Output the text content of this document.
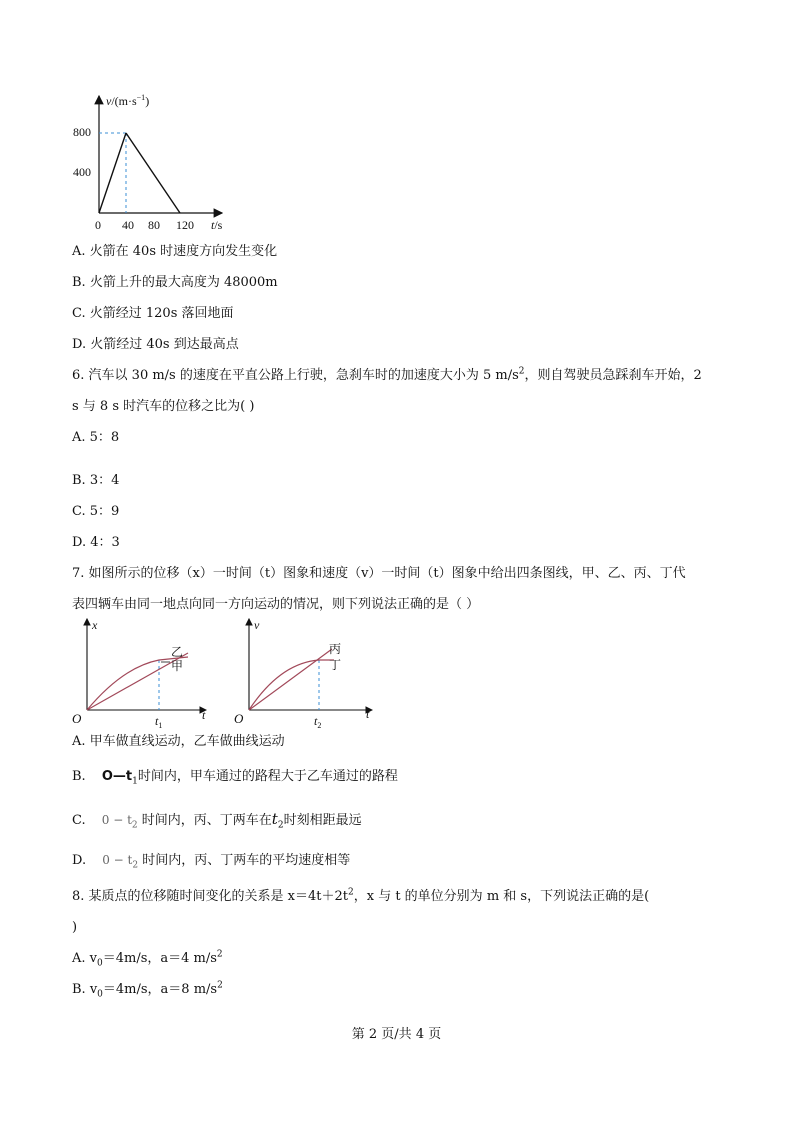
$v/(m\cdot s^{-1})$
800
400
0 40 80 120 t/s
A. 火箭在 40s 时速度方向发生变化
B. 火箭上升的最大高度为 48000m
C. 火箭经过 120s 落回地面
D. 火箭经过 40s 到达最高点
6. 汽车以 30 m/s 的速度在平直公路上行驶，急刹车时的加速度大小为 5 $m/s^2$，则自驾驶员急踩刹车开始，2
s 与 8 s 时汽车的位移之比为( )
A. 5：8
B. 3：4
C. 5：9
D. 4：3
7. 如图所示的位移（x）一时间（t）图象和速度（v）一时间（t）图象中给出四条图线，甲、乙、丙、丁代
表四辆车由同一地点向同一方向运动的情况，则下列说法正确的是（ ）
x
O	t
$t_1$
乙
甲
v
O	t
$t_2$
丙
丁
A. 甲车做直线运动，乙车做曲线运动
B. $O—t_1$时间内，甲车通过的路程大于乙车通过的路程
C. $0 - t_2$ 时间内，丙、丁两车在$t_2$时刻相距最远
D. $0 - t_2$ 时间内，丙、丁两车的平均速度相等
8. 某质点的位移随时间变化的关系是 $x=4t+2t^2$，x 与 t 的单位分别为 m 和 s，下列说法正确的是(
)
A. $v_0=4m/s$，a＝4 $m/s^2$
B. $v_0=4m/s$，a＝8 $m/s^2$
第 2 页/共 4 页
